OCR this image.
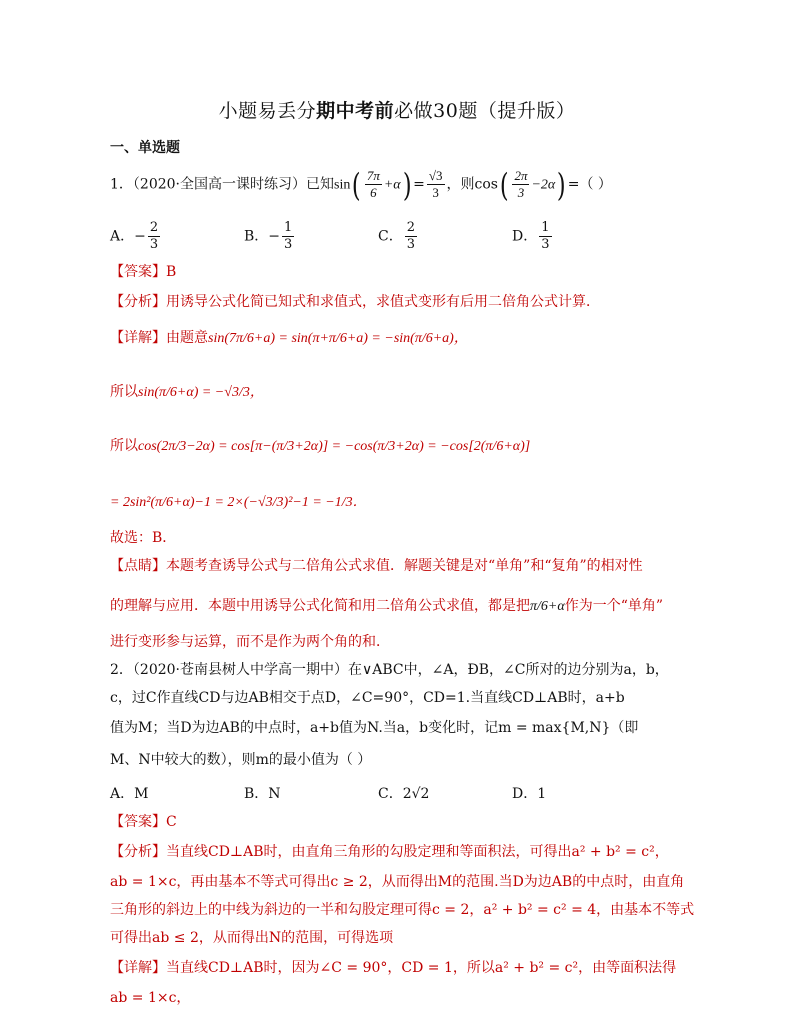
小题易丢分期中考前必做30题（提升版）
一、单选题
1．（2020·全国高一课时练习）已知$\sin( \frac{7\pi}{6} +\alpha) = \frac{√3}{3}$ ，则$\cos( \frac{2\pi}{3} -2\alpha)$ =（ ）
A．− $\frac{2}{3}$	B．− $\frac{1}{3}$	C． $\frac{2}{3}$	D． $\frac{1}{3}$
【答案】B
【分析】用诱导公式化简已知式和求值式，求值式变形有后用二倍角公式计算．
【详解】由题意sin(7π/6+a) = sin(π+π/6+a) = −sin(π/6+a)，
所以sin(π/6+α) = −√3/3，
所以cos(2π/3−2α) = cos[π−(π/3+2α)] = −cos(π/3+2α) = −cos[2(π/6+α)]
= 2sin²(π/6+α)−1 = 2×(−√3/3)²−1 = −1/3．
故选：B．
【点睛】本题考查诱导公式与二倍角公式求值．解题关键是对“单角”和“复角”的相对性
的理解与应用．本题中用诱导公式化简和用二倍角公式求值，都是把π/6+α作为一个“单角”
进行变形参与运算，而不是作为两个角的和．
2．（2020·苍南县树人中学高一期中）在∨ABC中，∠A，ÐB，∠C所对的边分别为a，b，
c，过C作直线CD与边AB相交于点D，∠C=90°，CD=1.当直线CD⊥AB时，a+b
值为M；当D为边AB的中点时，a+b值为N.当a，b变化时，记m = max{M,N}（即
M、N中较大的数），则m的最小值为（ ）
A．M	B．N	C．2√2	D．1
【答案】C
【分析】当直线CD⊥AB时，由直角三角形的勾股定理和等面积法，可得出a² + b² = c²，
ab = 1×c，再由基本不等式可得出c ≥ 2，从而得出M的范围.当D为边AB的中点时，由直角
三角形的斜边上的中线为斜边的一半和勾股定理可得c = 2，a² + b² = c² = 4，由基本不等式
可得出ab ≤ 2，从而得出N的范围，可得选项
【详解】当直线CD⊥AB时，因为∠C = 90°，CD = 1，所以a² + b² = c²，由等面积法得
ab = 1×c，
